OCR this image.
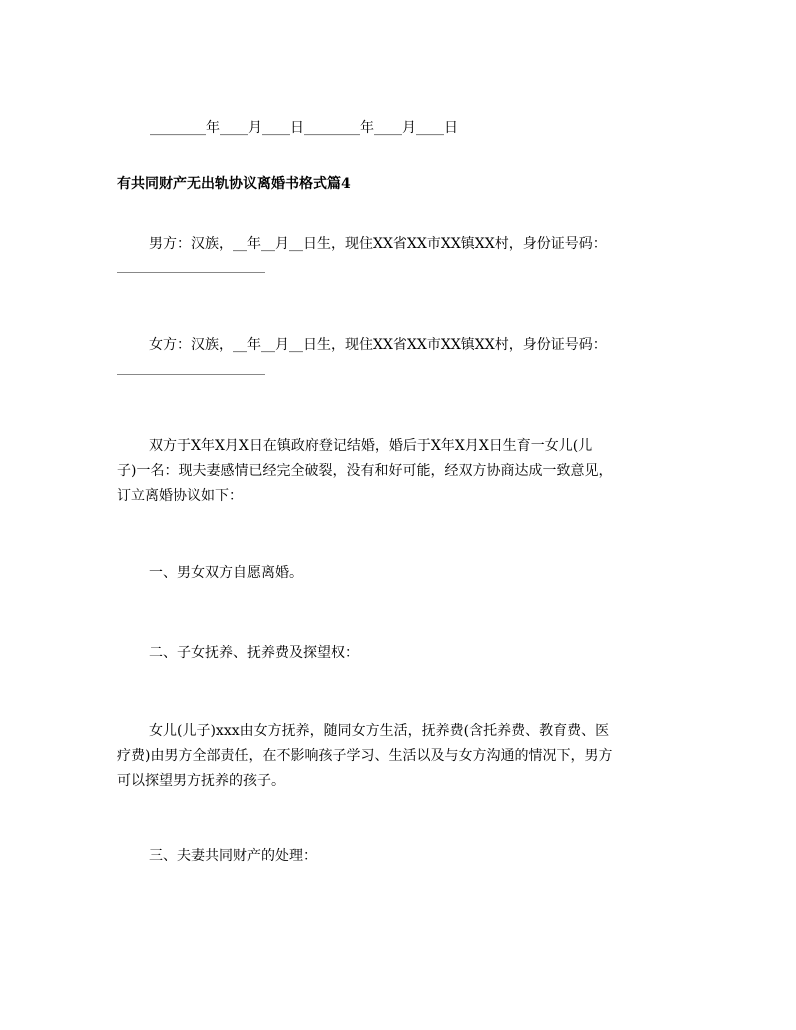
________年____月____日________年____月____日

有共同财产无出轨协议离婚书格式篇4

男方：汉族，__年__月__日生，现住XX省XX市XX镇XX村，身份证号码：

女方：汉族，__年__月__日生，现住XX省XX市XX镇XX村，身份证号码：

双方于X年X月X日在镇政府登记结婚，婚后于X年X月X日生育一女儿(儿

子)一名：现夫妻感情已经完全破裂，没有和好可能，经双方协商达成一致意见，

订立离婚协议如下：

一、男女双方自愿离婚。

二、子女抚养、抚养费及探望权：

女儿(儿子)xxx由女方抚养，随同女方生活，抚养费(含托养费、教育费、医

疗费)由男方全部责任，在不影响孩子学习、生活以及与女方沟通的情况下，男方

可以探望男方抚养的孩子。

三、夫妻共同财产的处理：
